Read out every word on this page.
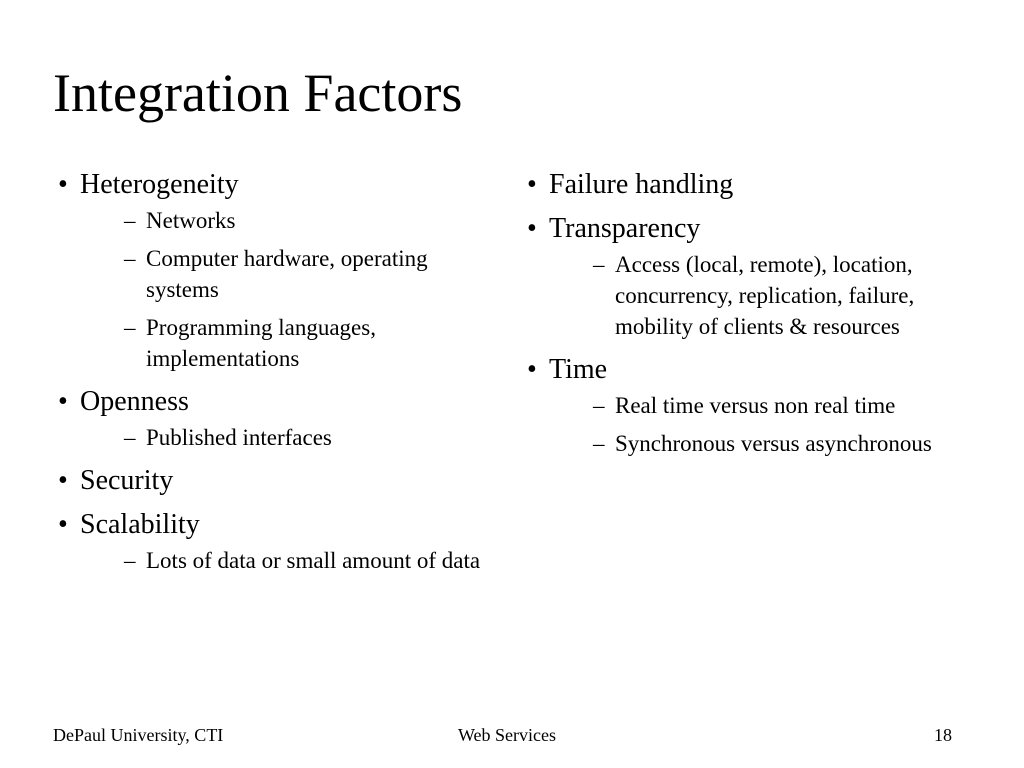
Integration Factors
• Heterogeneity
– Networks
– Computer hardware, operating systems
– Programming languages, implementations
• Openness
– Published interfaces
• Security
• Scalability
– Lots of data or small amount of data
• Failure handling
• Transparency
– Access (local, remote), location, concurrency, replication, failure, mobility of clients & resources
• Time
– Real time versus non real time
– Synchronous versus asynchronous
DePaul University, CTI	Web Services	18
